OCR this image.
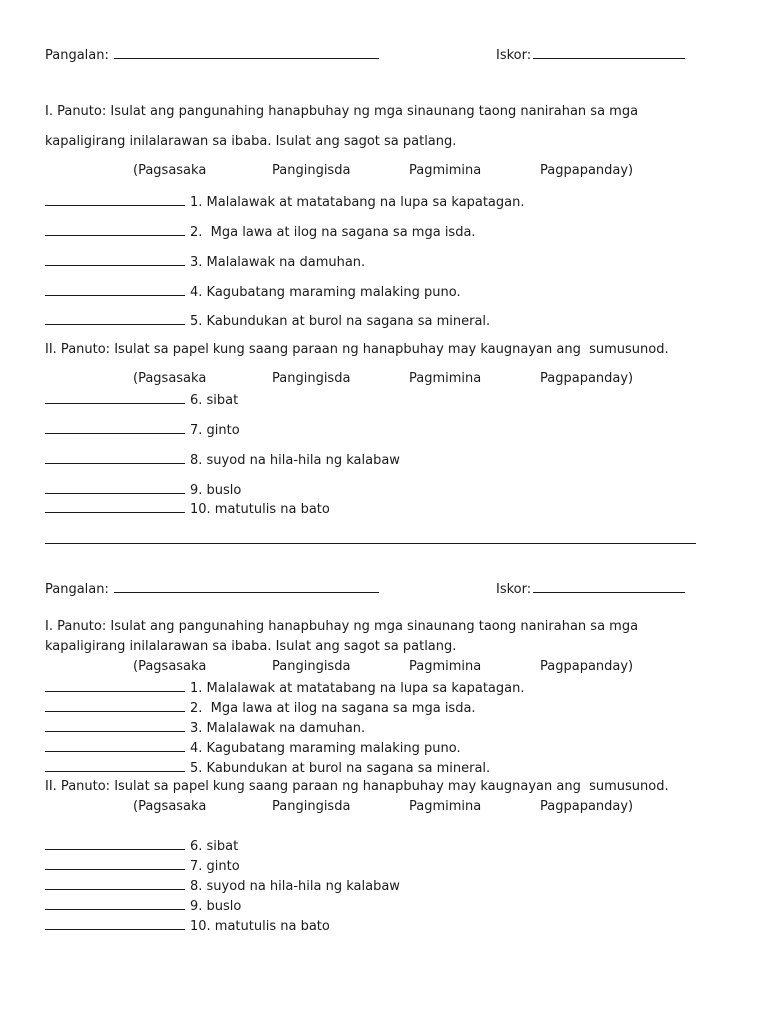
Pangalan:	Iskor:
I. Panuto: Isulat ang pangunahing hanapbuhay ng mga sinaunang taong nanirahan sa mga
kapaligirang inilalarawan sa ibaba. Isulat ang sagot sa patlang.
(Pagsasaka	Pangingisda	Pagmimina	Pagpapanday)
1. Malalawak at matatabang na lupa sa kapatagan.
2.  Mga lawa at ilog na sagana sa mga isda.
3. Malalawak na damuhan.
4. Kagubatang maraming malaking puno.
5. Kabundukan at burol na sagana sa mineral.
II. Panuto: Isulat sa papel kung saang paraan ng hanapbuhay may kaugnayan ang  sumusunod.
(Pagsasaka	Pangingisda	Pagmimina	Pagpapanday)
6. sibat
7. ginto
8. suyod na hila-hila ng kalabaw
9. buslo
10. matutulis na bato
Pangalan:	Iskor:
I. Panuto: Isulat ang pangunahing hanapbuhay ng mga sinaunang taong nanirahan sa mga
kapaligirang inilalarawan sa ibaba. Isulat ang sagot sa patlang.
(Pagsasaka	Pangingisda	Pagmimina	Pagpapanday)
1. Malalawak at matatabang na lupa sa kapatagan.
2.  Mga lawa at ilog na sagana sa mga isda.
3. Malalawak na damuhan.
4. Kagubatang maraming malaking puno.
5. Kabundukan at burol na sagana sa mineral.
II. Panuto: Isulat sa papel kung saang paraan ng hanapbuhay may kaugnayan ang  sumusunod.
(Pagsasaka	Pangingisda	Pagmimina	Pagpapanday)
6. sibat
7. ginto
8. suyod na hila-hila ng kalabaw
9. buslo
10. matutulis na bato
